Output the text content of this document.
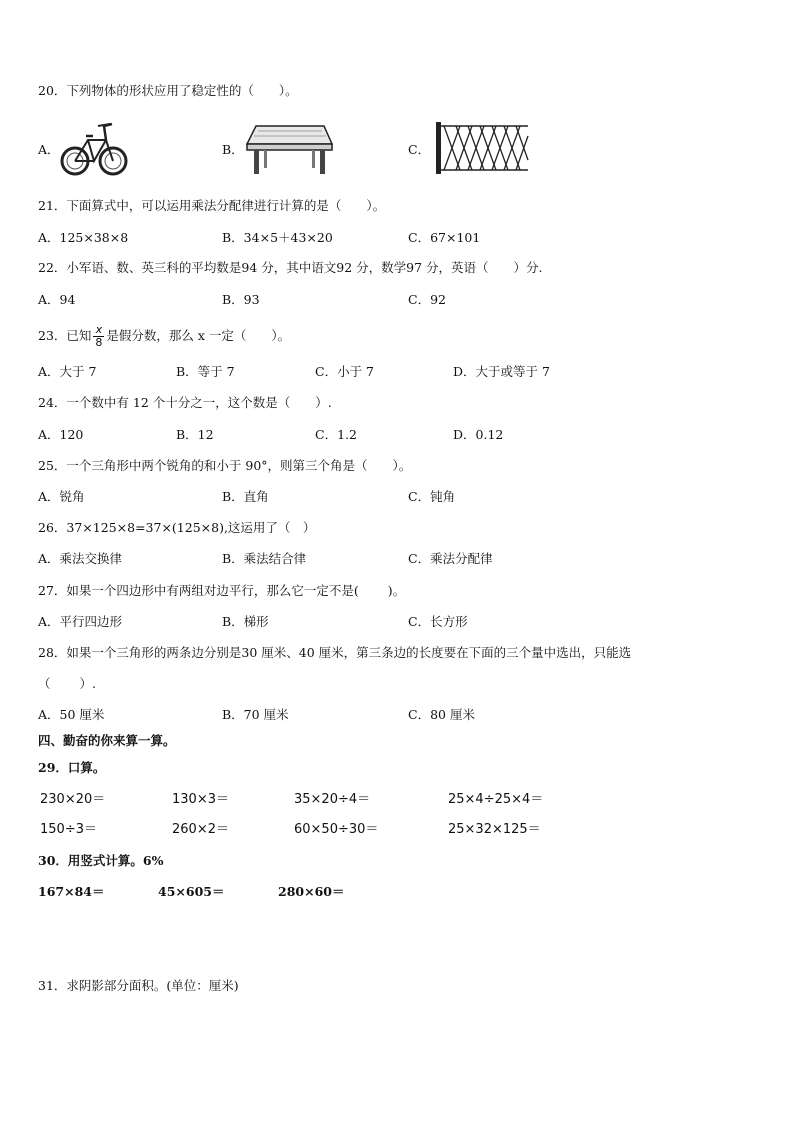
20．下列物体的形状应用了稳定性的（　　）。
A．	B．	C．
21．下面算式中，可以运用乘法分配律进行计算的是（　　）。
A．125×38×8	B．34×5＋43×20	C．67×101
22．小军语、数、英三科的平均数是94 分，其中语文92 分，数学97 分，英语（　　）分.
A．94	B．93	C．92
23．已知 $\frac{x}{8}$ 是假分数，那么 x 一定（　　）。
A．大于 7	B．等于 7	C．小于 7	D．大于或等于 7
24．一个数中有 12 个十分之一，这个数是（　　）.
A．120	B．12	C．1.2	D．0.12
25．一个三角形中两个锐角的和小于 90°，则第三个角是（　　）。
A．锐角	B．直角	C．钝角
26．37×125×8=37×(125×8),这运用了（　）
A．乘法交换律	B．乘法结合律	C．乘法分配律
27．如果一个四边形中有两组对边平行，那么它一定不是(　　 )。
A．平行四边形	B．梯形	C．长方形
28．如果一个三角形的两条边分别是30 厘米、40 厘米，第三条边的长度要在下面的三个量中选出，只能选
（　　 ）.
A．50 厘米	B．70 厘米	C．80 厘米
四、勤奋的你来算一算。
29．口算。
230×20＝	130×3＝	35×20÷4＝	25×4÷25×4＝
150÷3＝	260×2＝	60×50÷30＝	25×32×125＝
30．用竖式计算。6%
167×84＝	45×605＝	280×60＝
31．求阴影部分面积。(单位：厘米)
